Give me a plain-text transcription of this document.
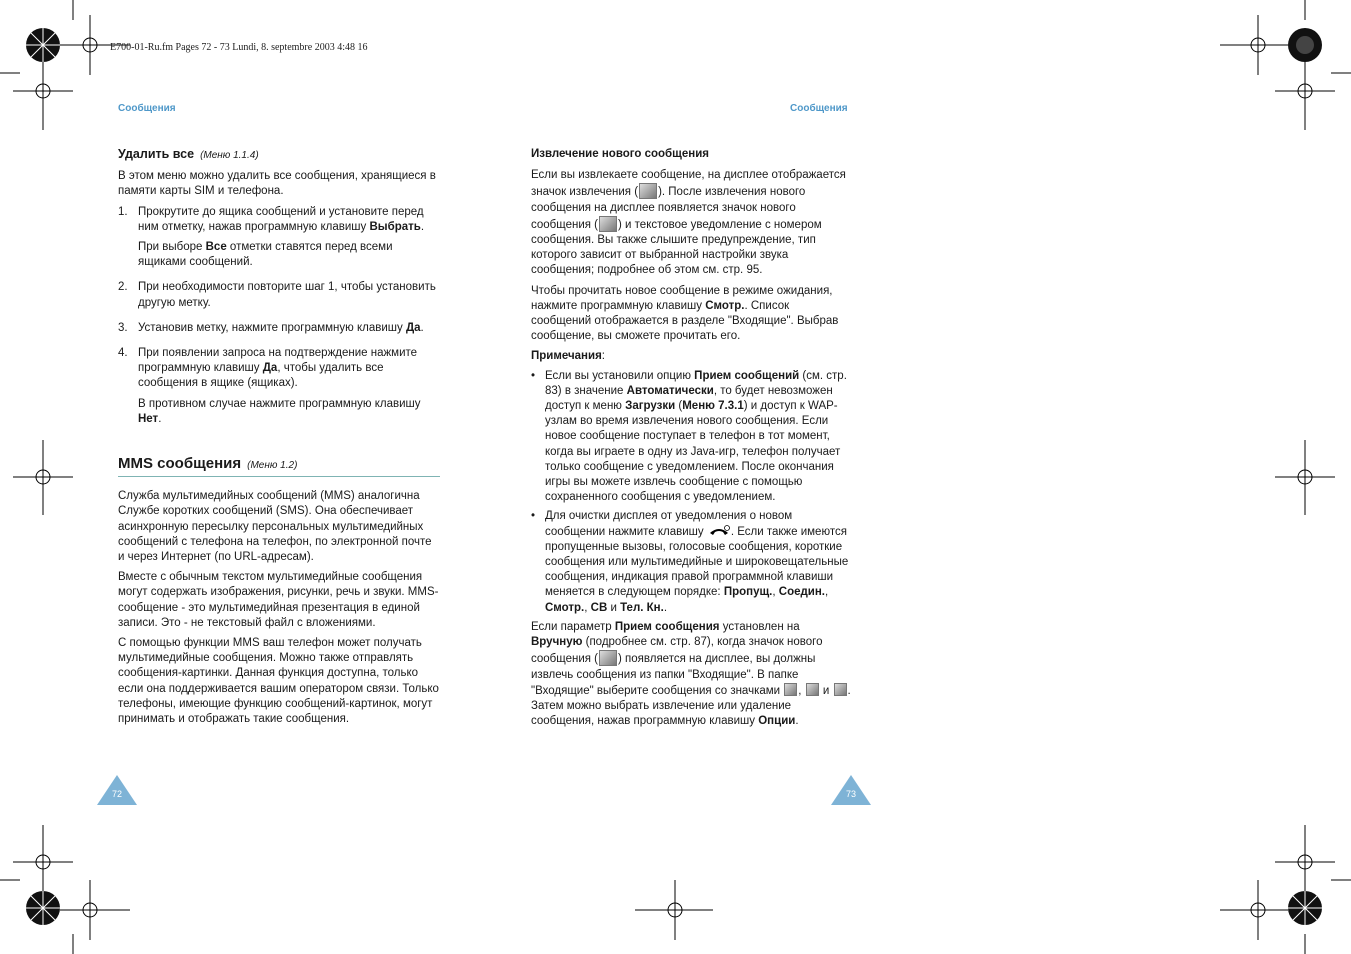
E700-01-Ru.fm Pages 72 - 73 Lundi, 8. septembre 2003 4:48 16
Сообщения	Сообщения
Удалить все (Меню 1.1.4)

В этом меню можно удалить все сообщения, хранящиеся в памяти карты SIM и телефона.

1. Прокрутите до ящика сообщений и установите перед ним отметку, нажав программную клавишу Выбрать.

При выборе Все отметки ставятся перед всеми ящиками сообщений.

2. При необходимости повторите шаг 1, чтобы установить другую метку.

3. Установив метку, нажмите программную клавишу Да.

4. При появлении запроса на подтверждение нажмите программную клавишу Да, чтобы удалить все сообщения в ящике (ящиках).

В противном случае нажмите программную клавишу Нет.

MMS сообщения (Меню 1.2)

Служба мультимедийных сообщений (MMS) аналогична Службе коротких сообщений (SMS). Она обеспечивает асинхронную пересылку персональных мультимедийных сообщений с телефона на телефон, по электронной почте и через Интернет (по URL-адресам).

Вместе с обычным текстом мультимедийные сообщения могут содержать изображения, рисунки, речь и звуки. MMS-сообщение - это мультимедийная презентация в единой записи. Это - не текстовый файл с вложениями.

С помощью функции MMS ваш телефон может получать мультимедийные сообщения. Можно также отправлять сообщения-картинки. Данная функция доступна, только если она поддерживается вашим оператором связи. Только телефоны, имеющие функцию сообщений-картинок, могут принимать и отображать такие сообщения.

72	73
Извлечение нового сообщения

Если вы извлекаете сообщение, на дисплее отображается значок извлечения ( ). После извлечения нового сообщения на дисплее появляется значок нового сообщения ( ) и текстовое уведомление с номером сообщения. Вы также слышите предупреждение, тип которого зависит от выбранной настройки звука сообщения; подробнее об этом см. стр. 95.

Чтобы прочитать новое сообщение в режиме ожидания, нажмите программную клавишу Смотр.. Список сообщений отображается в разделе "Входящие". Выбрав сообщение, вы сможете прочитать его.

Примечания:

• Если вы установили опцию Прием сообщений (см. стр. 83) в значение Автоматически, то будет невозможен доступ к меню Загрузки (Меню 7.3.1) и доступ к WAP-узлам во время извлечения нового сообщения. Если новое сообщение поступает в телефон в тот момент, когда вы играете в одну из Java-игр, телефон получает только сообщение с уведомлением. После окончания игры вы можете извлечь сообщение с помощью сохраненного сообщения с уведомлением.
• Для очистки дисплея от уведомления о новом сообщении нажмите клавишу . Если также имеются пропущенные вызовы, голосовые сообщения, короткие сообщения или мультимедийные и широковещательные сообщения, индикация правой программной клавиши меняется в следующем порядке: Пропущ., Соедин., Смотр., CB и Тел. Кн..

Если параметр Прием сообщения установлен на Вручную (подробнее см. стр. 87), когда значок нового сообщения ( ) появляется на дисплее, вы должны извлечь сообщения из папки "Входящие". В папке "Входящие" выберите сообщения со значками ,  и . Затем можно выбрать извлечение или удаление сообщения, нажав программную клавишу Опции.
